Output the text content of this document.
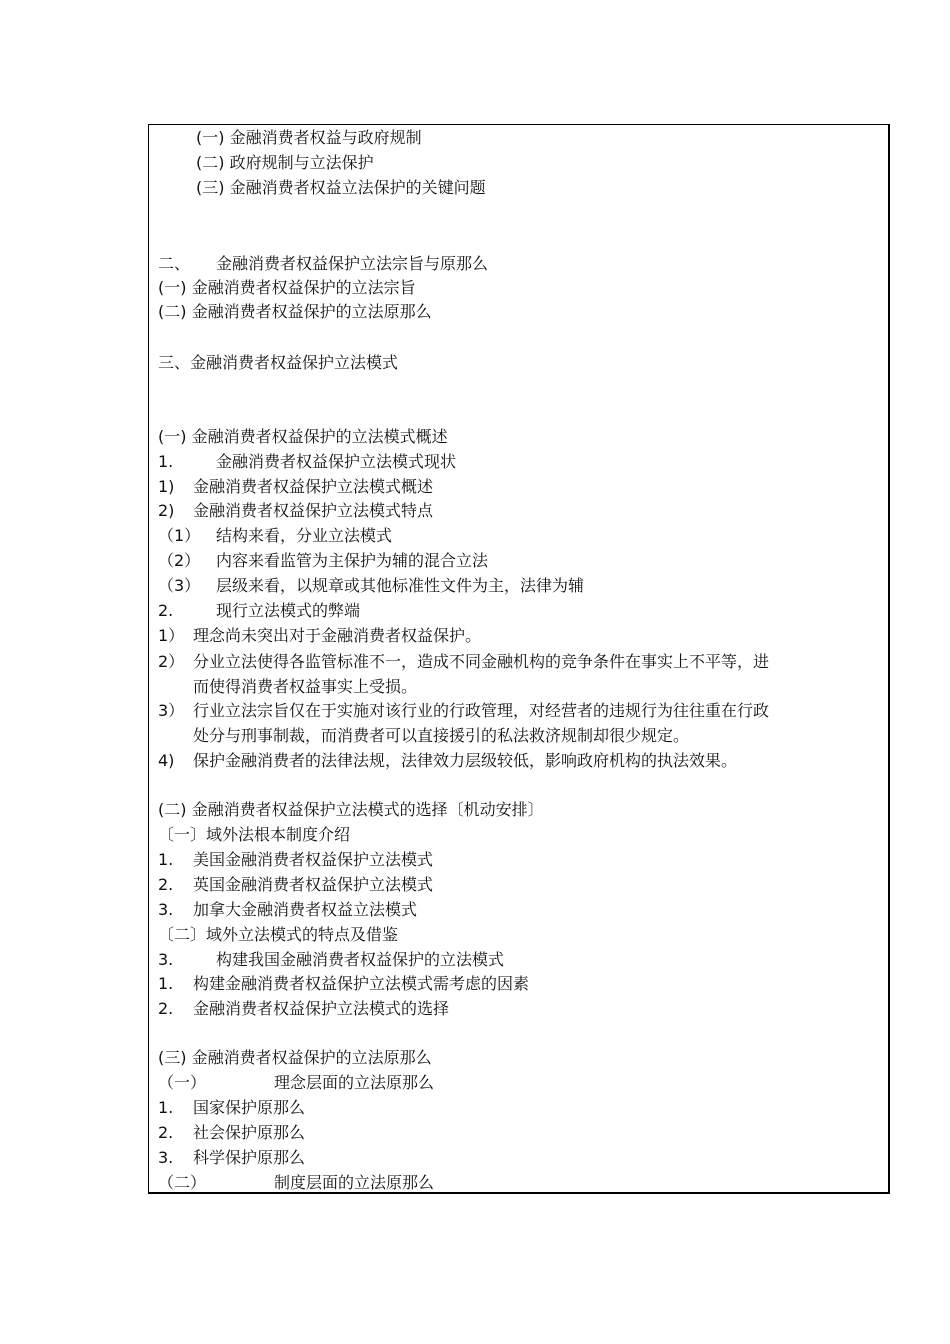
(一) 金融消费者权益与政府规制
(二) 政府规制与立法保护
(三) 金融消费者权益立法保护的关键问题
二、 金融消费者权益保护立法宗旨与原那么
(一) 金融消费者权益保护的立法宗旨
(二) 金融消费者权益保护的立法原那么
三、金融消费者权益保护立法模式
(一) 金融消费者权益保护的立法模式概述
1.	金融消费者权益保护立法模式现状
1) 金融消费者权益保护立法模式概述
2) 金融消费者权益保护立法模式特点
（1） 结构来看，分业立法模式
（2） 内容来看监管为主保护为辅的混合立法
（3） 层级来看，以规章或其他标准性文件为主，法律为辅
2.	现行立法模式的弊端
1） 理念尚未突出对于金融消费者权益保护。
2） 分业立法使得各监管标准不一，造成不同金融机构的竞争条件在事实上不平等，进
而使得消费者权益事实上受损。
3） 行业立法宗旨仅在于实施对该行业的行政管理，对经营者的违规行为往往重在行政
处分与刑事制裁，而消费者可以直接援引的私法救济规制却很少规定。
4) 保护金融消费者的法律法规，法律效力层级较低，影响政府机构的执法效果。
(二) 金融消费者权益保护立法模式的选择〔机动安排〕
〔一〕域外法根本制度介绍
1. 美国金融消费者权益保护立法模式
2. 英国金融消费者权益保护立法模式
3. 加拿大金融消费者权益立法模式
〔二〕域外立法模式的特点及借鉴
3.	构建我国金融消费者权益保护的立法模式
1. 构建金融消费者权益保护立法模式需考虑的因素
2. 金融消费者权益保护立法模式的选择
(三) 金融消费者权益保护的立法原那么
（一）	理念层面的立法原那么
1. 国家保护原那么
2. 社会保护原那么
3. 科学保护原那么
（二）	制度层面的立法原那么
